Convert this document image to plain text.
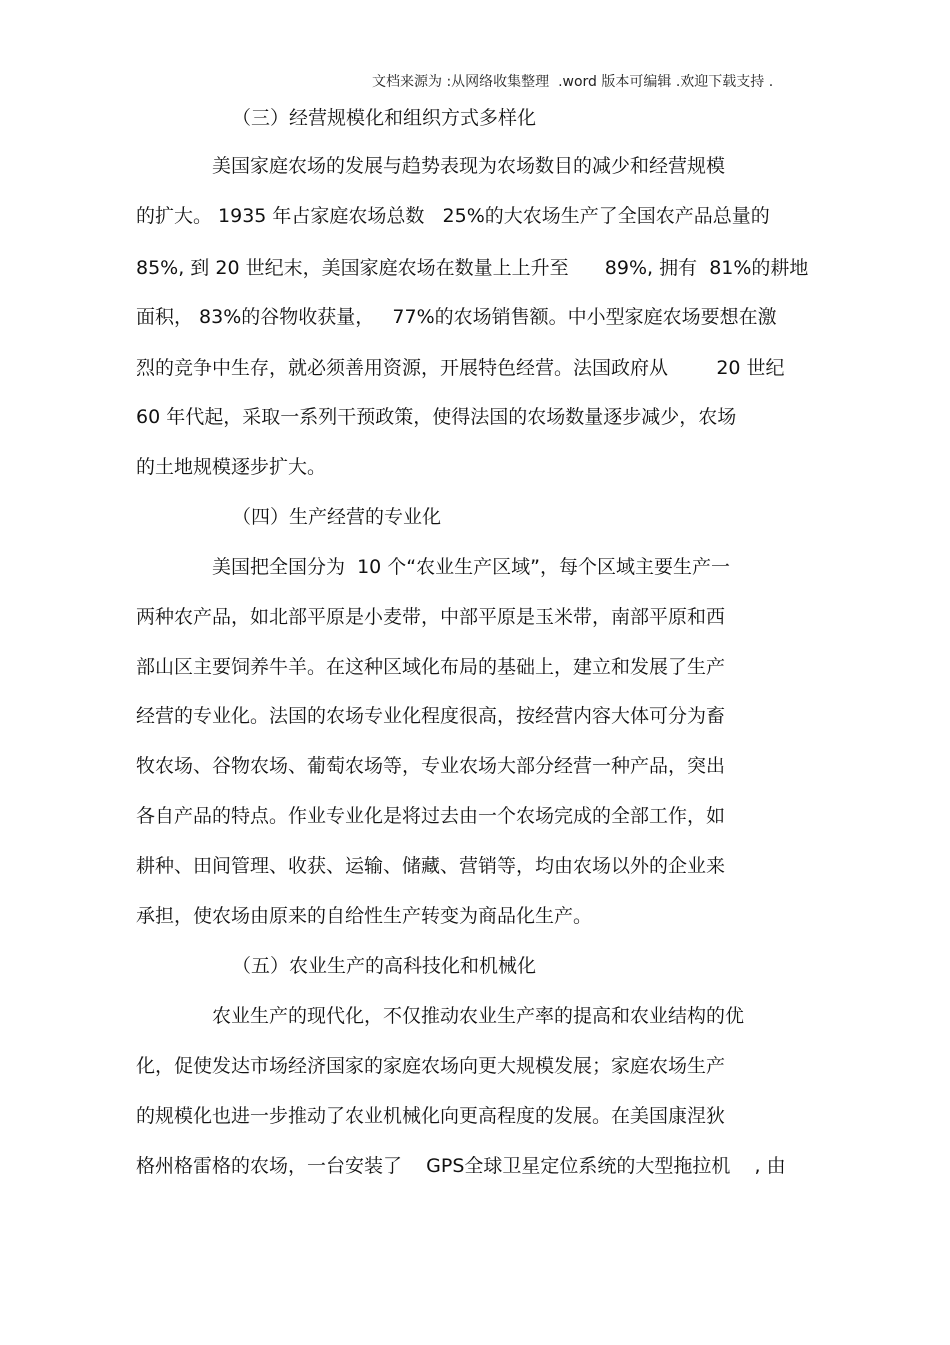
文档来源为 :从网络收集整理  .word 版本可编辑 .欢迎下载支持 .
（三）经营规模化和组织方式多样化
美国家庭农场的发展与趋势表现为农场数目的减少和经营规模
的扩大。 1935 年占家庭农场总数   25%的大农场生产了全国农产品总量的
85%, 到 20 世纪末，美国家庭农场在数量上上升至      89%, 拥有  81%的耕地
面积， 83%的谷物收获量，   77%的农场销售额。中小型家庭农场要想在激
烈的竞争中生存，就必须善用资源，开展特色经营。法国政府从        20 世纪
60 年代起，采取一系列干预政策，使得法国的农场数量逐步减少，农场
的土地规模逐步扩大。
（四）生产经营的专业化
美国把全国分为  10 个“农业生产区域”，每个区域主要生产一
两种农产品，如北部平原是小麦带，中部平原是玉米带，南部平原和西
部山区主要饲养牛羊。在这种区域化布局的基础上，建立和发展了生产
经营的专业化。法国的农场专业化程度很高，按经营内容大体可分为畜
牧农场、谷物农场、葡萄农场等，专业农场大部分经营一种产品，突出
各自产品的特点。作业专业化是将过去由一个农场完成的全部工作，如
耕种、田间管理、收获、运输、储藏、营销等，均由农场以外的企业来
承担，使农场由原来的自给性生产转变为商品化生产。
（五）农业生产的高科技化和机械化
农业生产的现代化，不仅推动农业生产率的提高和农业结构的优
化，促使发达市场经济国家的家庭农场向更大规模发展；家庭农场生产
的规模化也进一步推动了农业机械化向更高程度的发展。在美国康涅狄
格州格雷格的农场，一台安装了    GPS全球卫星定位系统的大型拖拉机    , 由
